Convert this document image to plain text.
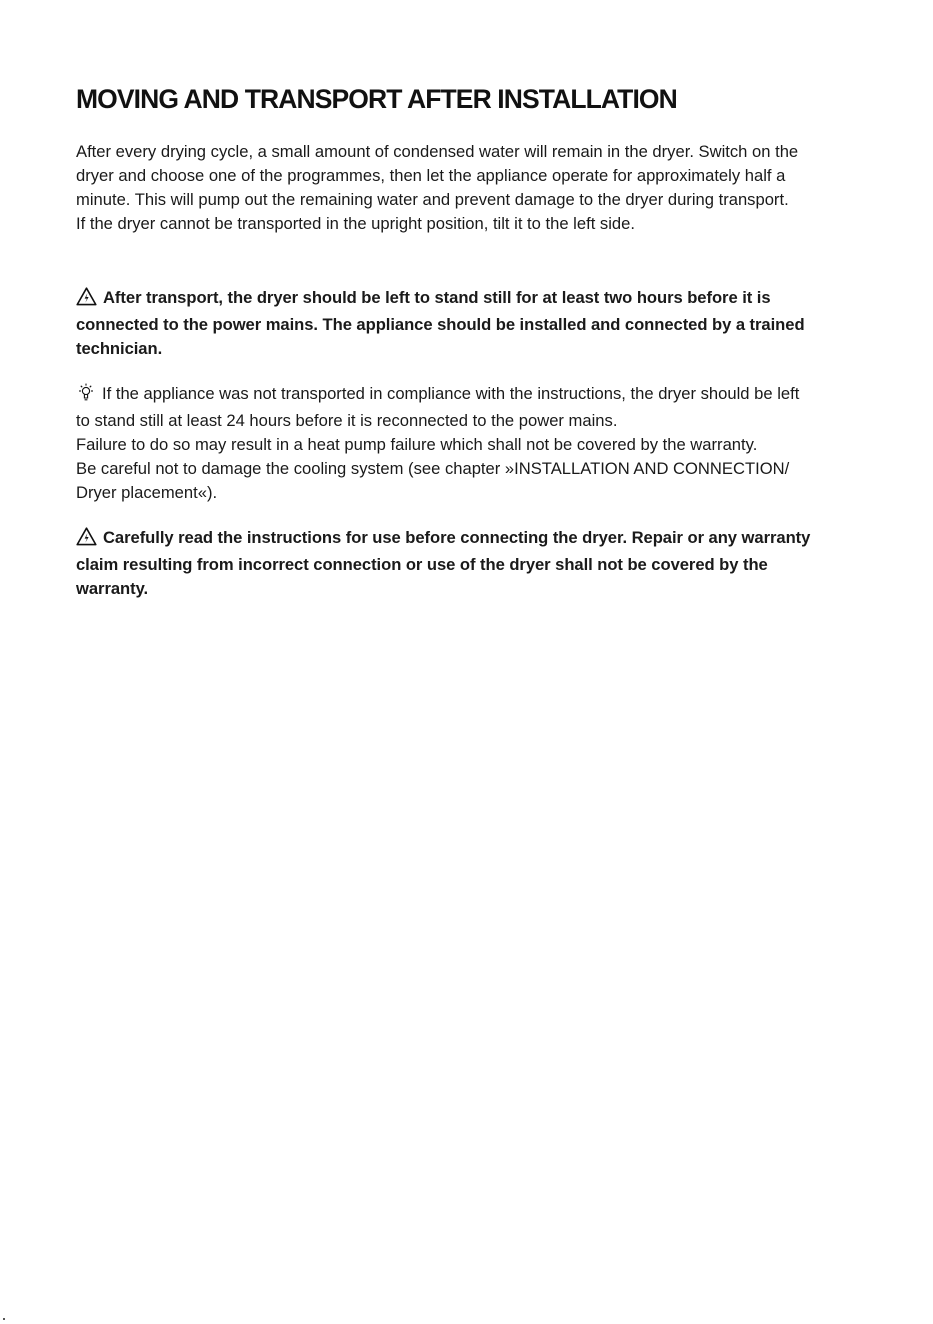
MOVING AND TRANSPORT AFTER INSTALLATION
After every drying cycle, a small amount of condensed water will remain in the dryer. Switch on the
dryer and choose one of the programmes, then let the appliance operate for approximately half a
minute. This will pump out the remaining water and prevent damage to the dryer during transport.
If the dryer cannot be transported in the upright position, tilt it to the left side.
After transport, the dryer should be left to stand still for at least two hours before it is
connected to the power mains. The appliance should be installed and connected by a trained
technician.
If the appliance was not transported in compliance with the instructions, the dryer should be left
to stand still at least 24 hours before it is reconnected to the power mains.
Failure to do so may result in a heat pump failure which shall not be covered by the warranty.
Be careful not to damage the cooling system (see chapter »INSTALLATION AND CONNECTION/
Dryer placement«).
Carefully read the instructions for use before connecting the dryer. Repair or any warranty
claim resulting from incorrect connection or use of the dryer shall not be covered by the
warranty.
